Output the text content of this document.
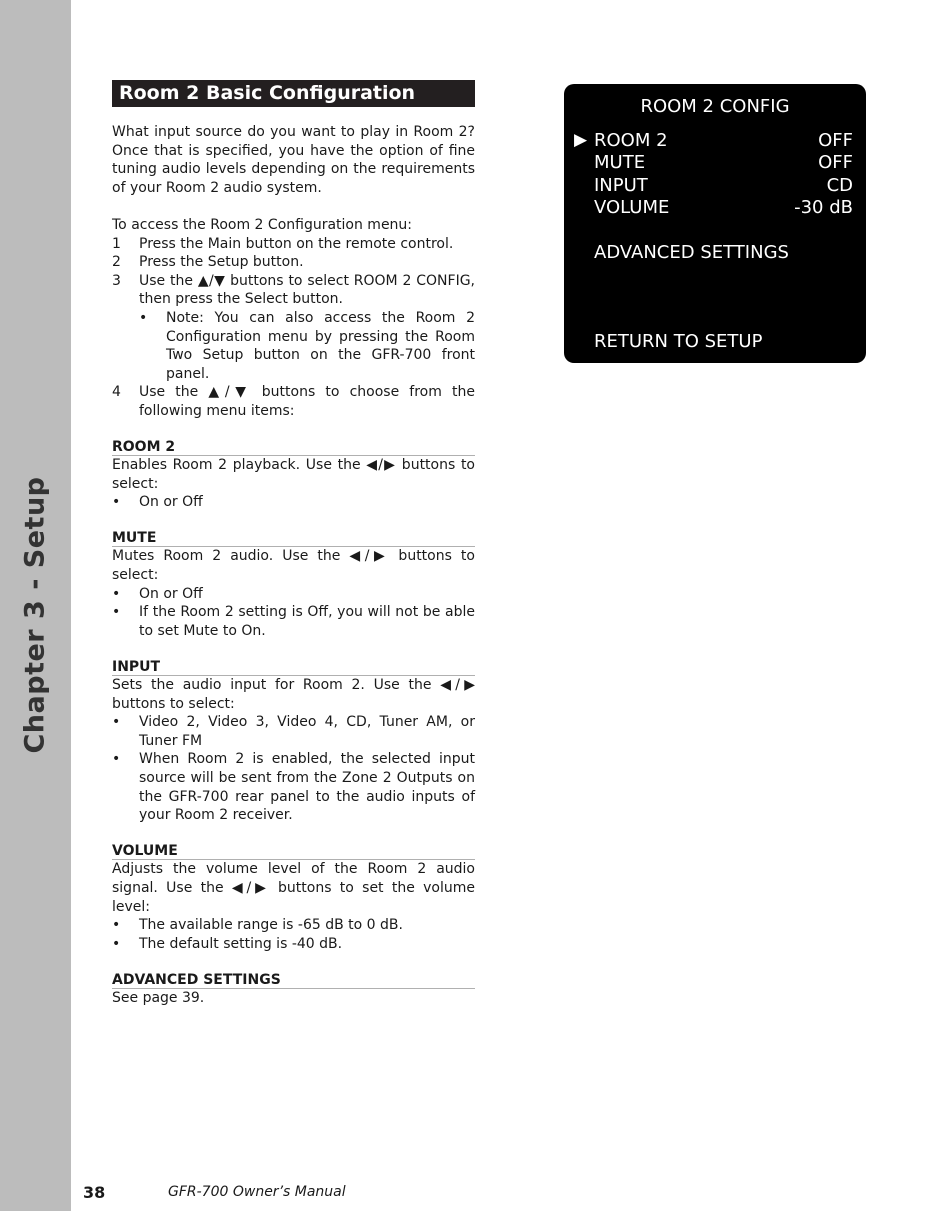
Chapter 3 - Setup
Room 2 Basic Configuration

What input source do you want to play in Room 2? Once that is specified, you have the option of fine tuning audio levels depending on the requirements of your Room 2 audio system.

To access the Room 2 Configuration menu:

1	Press the Main button on the remote control.
2	Press the Setup button.
3	Use the ▲/▼ buttons to select ROOM 2 CONFIG, then press the Select button.
•	Note: You can also access the Room 2 Configuration menu by pressing the Room Two Setup button on the GFR-700 front panel.
4	Use the ▲/▼ buttons to choose from the following menu items:

ROOM 2

Enables Room 2 playback. Use the ◀/▶ buttons to select:

•	On or Off

MUTE

Mutes Room 2 audio. Use the ◀/▶ buttons to select:

•	On or Off
•	If the Room 2 setting is Off, you will not be able to set Mute to On.

INPUT

Sets the audio input for Room 2. Use the ◀/▶ buttons to select:

•	Video 2, Video 3, Video 4, CD, Tuner AM, or Tuner FM
•	When Room 2 is enabled, the selected input source will be sent from the Zone 2 Outputs on the GFR-700 rear panel to the audio inputs of your Room 2 receiver.

VOLUME

Adjusts the volume level of the Room 2 audio signal. Use the ◀/▶ buttons to set the volume level:

•	The available range is -65 dB to 0 dB.
•	The default setting is -40 dB.

ADVANCED SETTINGS

See page 39.

ROOM 2 CONFIG
▶ ROOM 2	OFF
MUTE	OFF
INPUT	CD
VOLUME	-30 dB
ADVANCED SETTINGS
RETURN TO SETUP
38	GFR-700 Owner’s Manual
